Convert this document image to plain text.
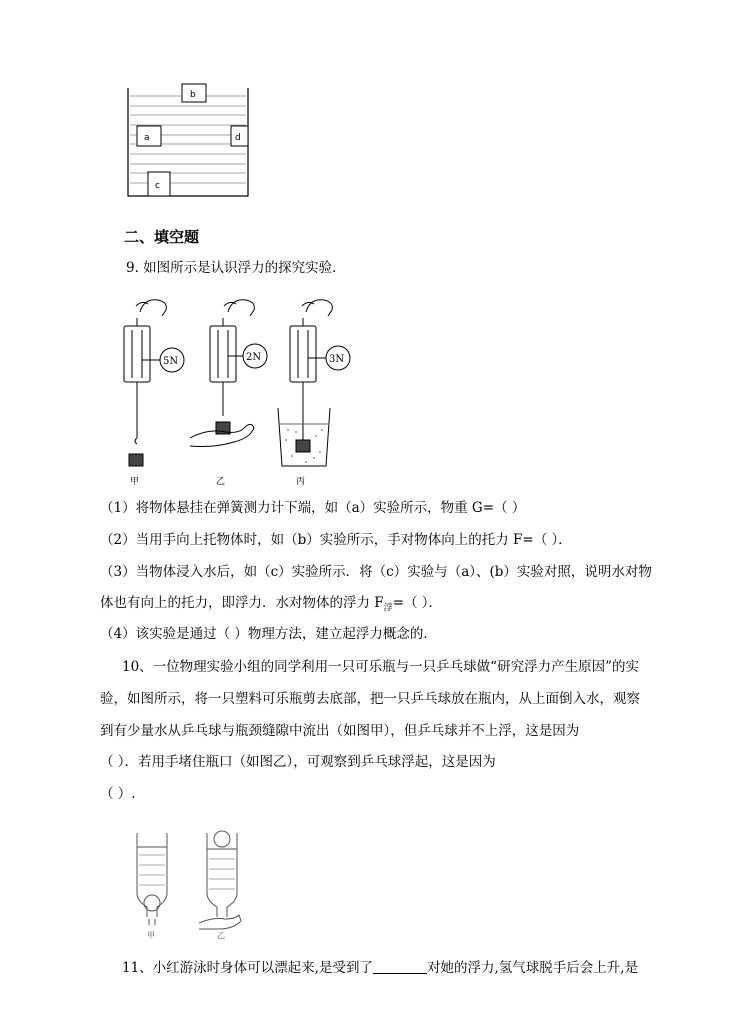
b
a	d
c
二、填空题
9. 如图所示是认识浮力的探究实验．
5N	2N	3N
甲	乙	丙
（1）将物体悬挂在弹簧测力计下端，如（a）实验所示，物重 G=（ ）
（2）当用手向上托物体时，如（b）实验所示，手对物体向上的托力 F=（ ）．
（3）当物体浸入水后，如（c）实验所示．将（c）实验与（a）、(b）实验对照，说明水对物
体也有向上的托力，即浮力．水对物体的浮力 $F_浮=$（ ）．
（4）该实验是通过（ ）物理方法，建立起浮力概念的．
10、一位物理实验小组的同学利用一只可乐瓶与一只乒乓球做“研究浮力产生原因”的实
验，如图所示，将一只塑料可乐瓶剪去底部，把一只乒乓球放在瓶内，从上面倒入水，观察
到有少量水从乒乓球与瓶颈缝隙中流出（如图甲），但乒乓球并不上浮，这是因为
（ ）．若用手堵住瓶口（如图乙），可观察到乒乓球浮起，这是因为
（ ）.
甲	乙
11、小红游泳时身体可以漂起来,是受到了	对她的浮力,氢气球脱手后会上升,是
